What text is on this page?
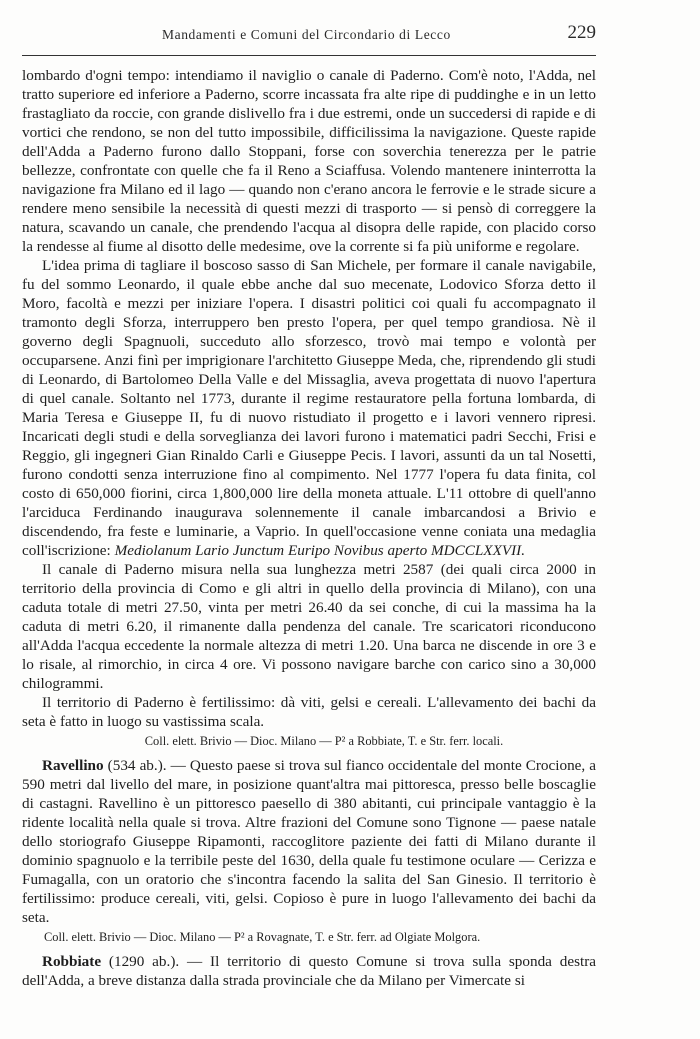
Mandamenti e Comuni del Circondario di Lecco	229

lombardo d'ogni tempo: intendiamo il naviglio o canale di Paderno. Com'è noto, l'Adda, nel tratto superiore ed inferiore a Paderno, scorre incassata fra alte ripe di puddinghe e in un letto frastagliato da roccie, con grande dislivello fra i due estremi, onde un succedersi di rapide e di vortici che rendono, se non del tutto impossibile, difficilissima la navigazione. Queste rapide dell'Adda a Paderno furono dallo Stoppani, forse con soverchia tenerezza per le patrie bellezze, confrontate con quelle che fa il Reno a Sciaffusa. Volendo mantenere ininterrotta la navigazione fra Milano ed il lago — quando non c'erano ancora le ferrovie e le strade sicure a rendere meno sensibile la necessità di questi mezzi di trasporto — si pensò di correggere la natura, scavando un canale, che prendendo l'acqua al disopra delle rapide, con placido corso la rendesse al fiume al disotto delle medesime, ove la corrente si fa più uniforme e regolare.

L'idea prima di tagliare il boscoso sasso di San Michele, per formare il canale navigabile, fu del sommo Leonardo, il quale ebbe anche dal suo mecenate, Lodovico Sforza detto il Moro, facoltà e mezzi per iniziare l'opera. I disastri politici coi quali fu accompagnato il tramonto degli Sforza, interruppero ben presto l'opera, per quel tempo grandiosa. Nè il governo degli Spagnuoli, succeduto allo sforzesco, trovò mai tempo e volontà per occuparsene. Anzi finì per imprigionare l'architetto Giuseppe Meda, che, riprendendo gli studi di Leonardo, di Bartolomeo Della Valle e del Missaglia, aveva progettata di nuovo l'apertura di quel canale. Soltanto nel 1773, durante il regime restauratore pella fortuna lombarda, di Maria Teresa e Giuseppe II, fu di nuovo ristudiato il progetto e i lavori vennero ripresi. Incaricati degli studi e della sorveglianza dei lavori furono i matematici padri Secchi, Frisi e Reggio, gli ingegneri Gian Rinaldo Carli e Giuseppe Pecis. I lavori, assunti da un tal Nosetti, furono condotti senza interruzione fino al compimento. Nel 1777 l'opera fu data finita, col costo di 650,000 fiorini, circa 1,800,000 lire della moneta attuale. L'11 ottobre di quell'anno l'arciduca Ferdinando inaugurava solennemente il canale imbarcandosi a Brivio e discendendo, fra feste e luminarie, a Vaprio. In quell'occasione venne coniata una medaglia coll'iscrizione: Mediolanum Lario Junctum Euripo Novibus aperto MDCCLXXVII.

Il canale di Paderno misura nella sua lunghezza metri 2587 (dei quali circa 2000 in territorio della provincia di Como e gli altri in quello della provincia di Milano), con una caduta totale di metri 27.50, vinta per metri 26.40 da sei conche, di cui la massima ha la caduta di metri 6.20, il rimanente dalla pendenza del canale. Tre scaricatori riconducono all'Adda l'acqua eccedente la normale altezza di metri 1.20. Una barca ne discende in ore 3 e lo risale, al rimorchio, in circa 4 ore. Vi possono navigare barche con carico sino a 30,000 chilogrammi.

Il territorio di Paderno è fertilissimo: dà viti, gelsi e cereali. L'allevamento dei bachi da seta è fatto in luogo su vastissima scala.

Coll. elett. Brivio — Dioc. Milano — P² a Robbiate, T. e Str. ferr. locali.

Ravellino (534 ab.). — Questo paese si trova sul fianco occidentale del monte Crocione, a 590 metri dal livello del mare, in posizione quant'altra mai pittoresca, presso belle boscaglie di castagni. Ravellino è un pittoresco paesello di 380 abitanti, cui principale vantaggio è la ridente località nella quale si trova. Altre frazioni del Comune sono Tignone — paese natale dello storiografo Giuseppe Ripamonti, raccoglitore paziente dei fatti di Milano durante il dominio spagnuolo e la terribile peste del 1630, della quale fu testimone oculare — Cerizza e Fumagalla, con un oratorio che s'incontra facendo la salita del San Ginesio. Il territorio è fertilissimo: produce cereali, viti, gelsi. Copioso è pure in luogo l'allevamento dei bachi da seta.

Coll. elett. Brivio — Dioc. Milano — P² a Rovagnate, T. e Str. ferr. ad Olgiate Molgora.

Robbiate (1290 ab.). — Il territorio di questo Comune si trova sulla sponda destra dell'Adda, a breve distanza dalla strada provinciale che da Milano per Vimercate si
